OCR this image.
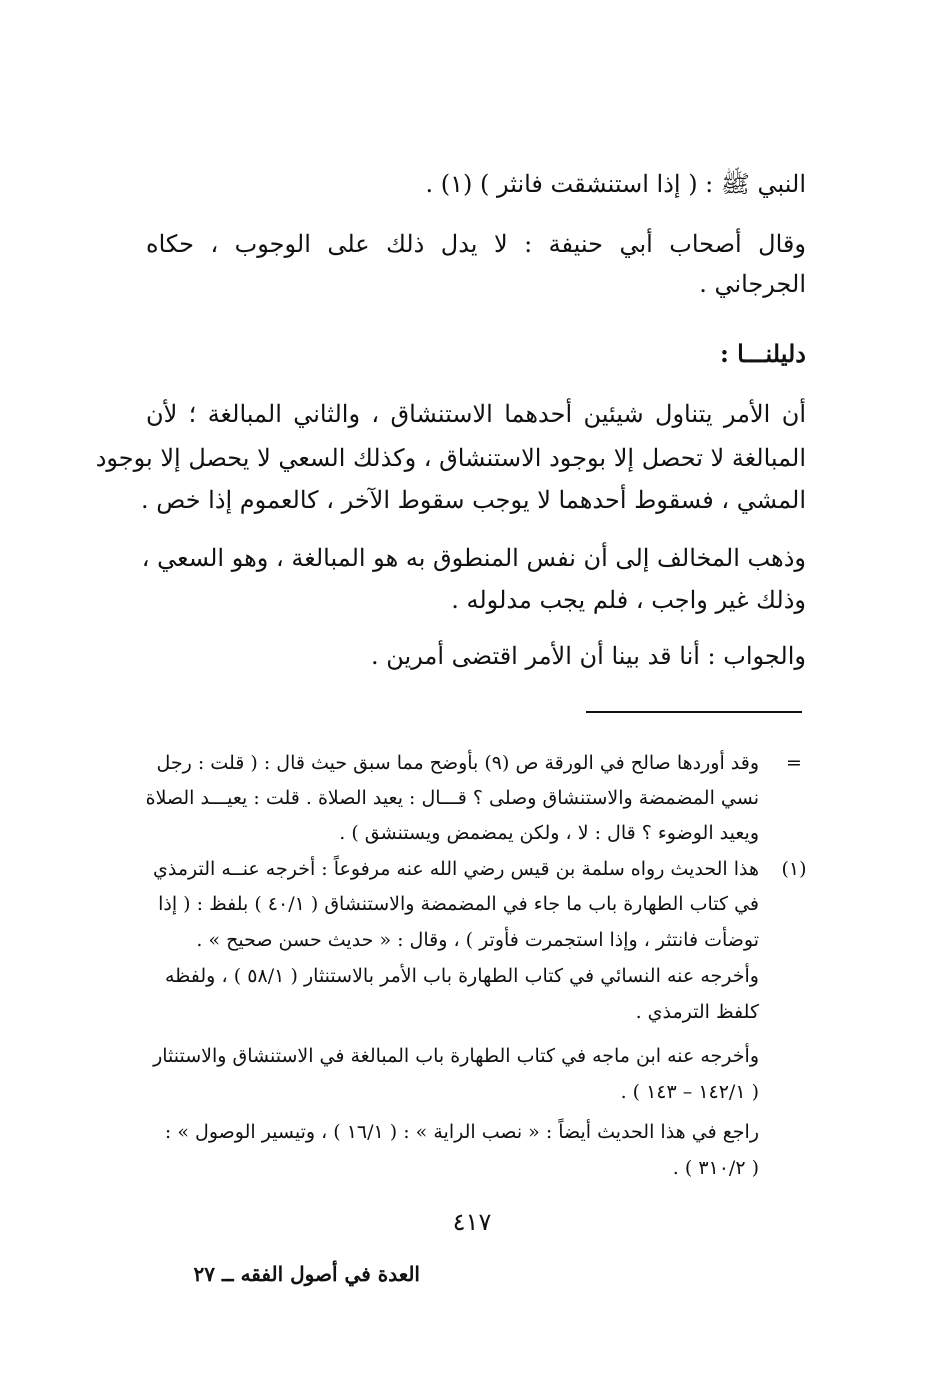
النبي ﷺ : ( إذا استنشقت فانثر ) (١) .
وقال أصحاب أبي حنيفة : لا يدل ذلك على الوجوب ، حكاه
الجرجاني .
دليلنـــا :
أن الأمر يتناول شيئين أحدهما الاستنشاق ، والثاني المبالغة ؛ لأن
المبالغة لا تحصل إلا بوجود الاستنشاق ، وكذلك السعي لا يحصل إلا بوجود
المشي ، فسقوط أحدهما لا يوجب سقوط الآخر ، كالعموم إذا خص .
وذهب المخالف إلى أن نفس المنطوق به هو المبالغة ، وهو السعي ،
وذلك غير واجب ، فلم يجب مدلوله .
والجواب : أنا قد بينا أن الأمر اقتضى أمرين .
=
(١)
وقد أوردها صالح في الورقة ص (٩) بأوضح مما سبق حيث قال : ( قلت : رجل
نسي المضمضة والاستنشاق وصلى ؟ قـــال : يعيد الصلاة . قلت : يعيـــد الصلاة
ويعيد الوضوء ؟ قال : لا ، ولكن يمضمض ويستنشق ) .
هذا الحديث رواه سلمة بن قيس رضي الله عنه مرفوعاً : أخرجه عنــه الترمذي
في كتاب الطهارة باب ما جاء في المضمضة والاستنشاق ( ٤٠/١ ) بلفظ : ( إذا
توضأت فانتثر ، وإذا استجمرت فأوتر ) ، وقال : « حديث حسن صحيح » .
وأخرجه عنه النسائي في كتاب الطهارة باب الأمر بالاستنثار ( ٥٨/١ ) ، ولفظه
كلفظ الترمذي .
وأخرجه عنه ابن ماجه في كتاب الطهارة باب المبالغة في الاستنشاق والاستنثار
( ١٤٢/١ – ١٤٣ ) .
راجع في هذا الحديث أيضاً : « نصب الراية » : ( ١٦/١ ) ، وتيسير الوصول » :
( ٣١٠/٢ ) .
٤١٧
العدة في أصول الفقه ــ ٢٧
